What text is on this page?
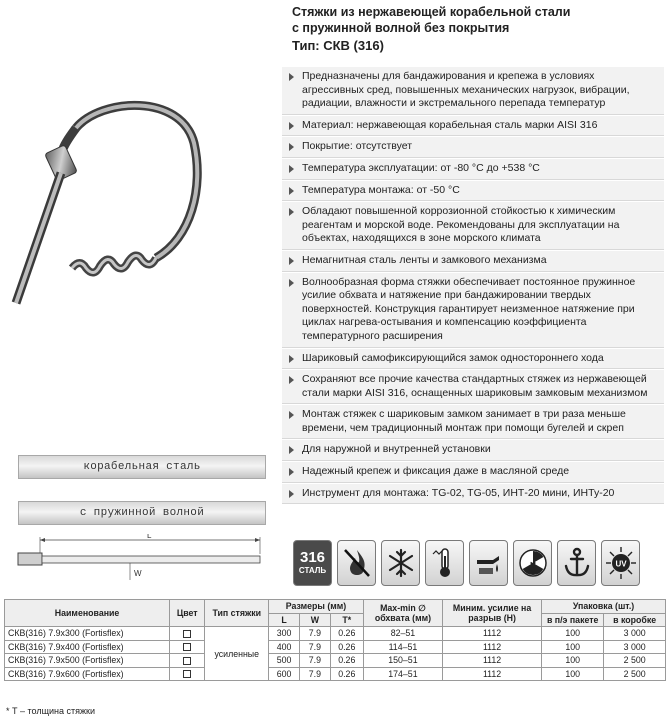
Стяжки из нержавеющей корабельной стали
с пружинной волной без покрытия
Тип: СКВ (316)
Предназначены для бандажирования и крепежа в условиях агрессивных сред, повышенных механических нагрузок, вибрации, радиации, влажности и экстремального перепада температур
Материал: нержавеющая корабельная сталь марки AISI 316
Покрытие: отсутствует
Температура эксплуатации: от -80 °С до +538 °С
Температура монтажа: от -50 °С
Обладают повышенной коррозионной стойкостью к химическим реагентам и морской воде. Рекомендованы для эксплуатации на объектах, находящихся в зоне морского климата
Немагнитная сталь ленты и замкового механизма
Волнообразная форма стяжки обеспечивает постоянное пружинное усилие обхвата и натяжение при бандажировании твердых поверхностей. Конструкция гарантирует неизменное натяжение при циклах нагрева-остывания и компенсацию коэффициента температурного расширения
Шариковый самофиксирующийся замок одностороннего хода
Сохраняют все прочие качества стандартных стяжек из нержавеющей стали марки AISI 316, оснащенных шариковым замковым механизмом
Монтаж стяжек с шариковым замком занимает в три раза меньше времени, чем традиционный монтаж при помощи бугелей и скреп
Для наружной и внутренней установки
Надежный крепеж и фиксация даже в масляной среде
Инструмент для монтажа: TG-02, TG-05, ИНТ-20 мини, ИНТу-20
корабельная сталь
с пружинной волной
L
W
316
СТАЛЬ
UV
Наименование	Цвет	Тип стяжки	Размеры (мм)			Max-min ∅ обхвата (мм)	Миним. усилие на разрыв (Н)	Упаковка (шт.)	
			L	W	T*			в п/э пакете	в коробке
СКВ(316) 7.9х300 (Fortisflex)		усиленные	300	7.9	0.26	82–51	1112	100	3 000
СКВ(316) 7.9х400 (Fortisflex)			400	7.9	0.26	114–51	1112	100	3 000
СКВ(316) 7.9х500 (Fortisflex)			500	7.9	0.26	150–51	1112	100	2 500
СКВ(316) 7.9х600 (Fortisflex)			600	7.9	0.26	174–51	1112	100	2 500
* Т – толщина стяжки
